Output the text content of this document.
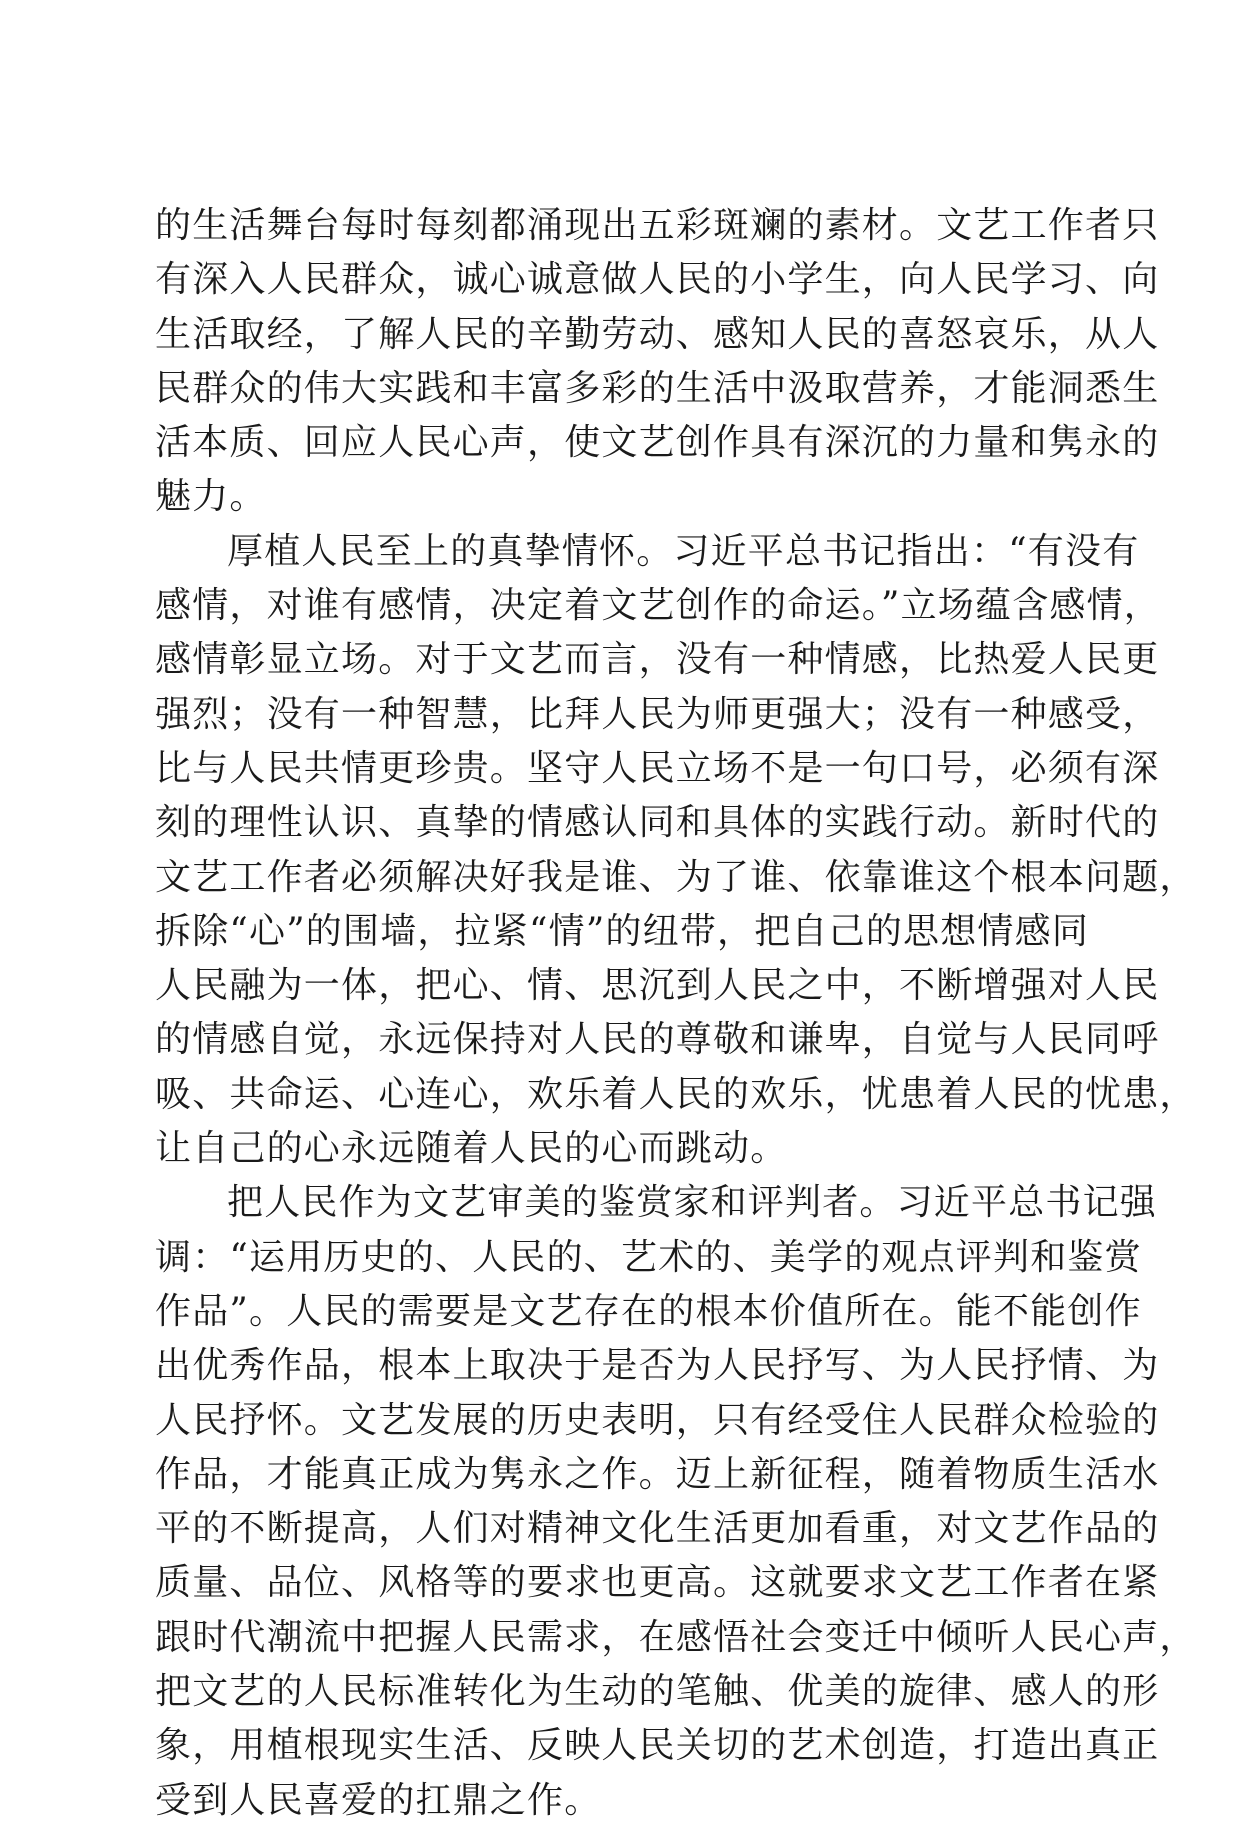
的生活舞台每时每刻都涌现出五彩斑斓的素材。文艺工作者只
有深入人民群众，诚心诚意做人民的小学生，向人民学习、向
生活取经，了解人民的辛勤劳动、感知人民的喜怒哀乐，从人
民群众的伟大实践和丰富多彩的生活中汲取营养，才能洞悉生
活本质、回应人民心声，使文艺创作具有深沉的力量和隽永的
魅力。
厚植人民至上的真挚情怀。习近平总书记指出：“有没有
感情，对谁有感情，决定着文艺创作的命运。”立场蕴含感情，
感情彰显立场。对于文艺而言，没有一种情感，比热爱人民更
强烈；没有一种智慧，比拜人民为师更强大；没有一种感受，
比与人民共情更珍贵。坚守人民立场不是一句口号，必须有深
刻的理性认识、真挚的情感认同和具体的实践行动。新时代的
文艺工作者必须解决好我是谁、为了谁、依靠谁这个根本问题，
拆除“心”的围墙，拉紧“情”的纽带，把自己的思想情感同
人民融为一体，把心、情、思沉到人民之中，不断增强对人民
的情感自觉，永远保持对人民的尊敬和谦卑，自觉与人民同呼
吸、共命运、心连心，欢乐着人民的欢乐，忧患着人民的忧患，
让自己的心永远随着人民的心而跳动。
把人民作为文艺审美的鉴赏家和评判者。习近平总书记强
调：“运用历史的、人民的、艺术的、美学的观点评判和鉴赏
作品”。人民的需要是文艺存在的根本价值所在。能不能创作
出优秀作品，根本上取决于是否为人民抒写、为人民抒情、为
人民抒怀。文艺发展的历史表明，只有经受住人民群众检验的
作品，才能真正成为隽永之作。迈上新征程，随着物质生活水
平的不断提高，人们对精神文化生活更加看重，对文艺作品的
质量、品位、风格等的要求也更高。这就要求文艺工作者在紧
跟时代潮流中把握人民需求，在感悟社会变迁中倾听人民心声，
把文艺的人民标准转化为生动的笔触、优美的旋律、感人的形
象，用植根现实生活、反映人民关切的艺术创造，打造出真正
受到人民喜爱的扛鼎之作。
